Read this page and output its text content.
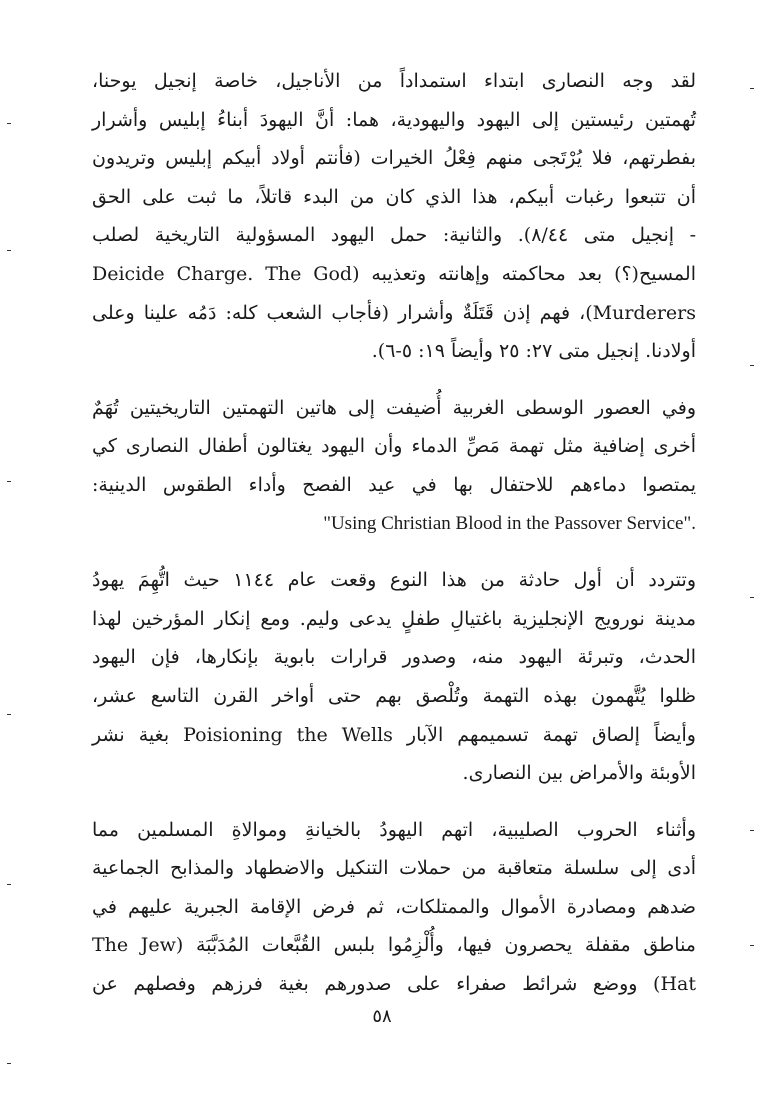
لقد وجه النصارى ابتداء استمداداً من الأناجيل، خاصة إنجيل يوحنا،
تُهمتين رئيستين إلى اليهود واليهودية، هما: أنَّ اليهودَ أبناءُ إبليس وأشرار
بفطرتهم، فلا يُرْتَجى منهم فِعْلُ الخيرات (فأنتم أولاد أبيكم إبليس وتريدون
أن تتبعوا رغبات أبيكم، هذا الذي كان من البدء قاتلاً، ما ثبت على الحق
- إنجيل متى ٨/٤٤). والثانية: حمل اليهود المسؤولية التاريخية لصلب
المسيح(؟) بعد محاكمته وإهانته وتعذيبه (Deicide Charge. The God
Murderers)، فهم إذن قَتَلَةٌ وأشرار (فأجاب الشعب كله: دَمُه علينا وعلى
أولادنا. إنجيل متى ٢٧: ٢٥ وأيضاً ١٩: ٥-٦).
وفي العصور الوسطى الغربية أُضيفت إلى هاتين التهمتين التاريخيتين تُهَمٌ
أخرى إضافية مثل تهمة مَصِّ الدماء وأن اليهود يغتالون أطفال النصارى كي
يمتصوا دماءهم للاحتفال بها في عيد الفصح وأداء الطقوس الدينية:
"Using Christian Blood in the Passover Service".
وتتردد أن أول حادثة من هذا النوع وقعت عام ١١٤٤ حيث اتُّهِمَ يهودُ
مدينة نورويج الإنجليزية باغتيالِ طفلٍ يدعى وليم. ومع إنكار المؤرخين لهذا
الحدث، وتبرئة اليهود منه، وصدور قرارات بابوية بإنكارها، فإن اليهود
ظلوا يُتَّهمون بهذه التهمة وتُلْصق بهم حتى أواخر القرن التاسع عشر،
وأيضاً إلصاق تهمة تسميمهم الآبار Poisioning the Wells بغية نشر
الأوبئة والأمراض بين النصارى.
وأثناء الحروب الصليبية، اتهم اليهودُ بالخيانةِ وموالاةِ المسلمين مما
أدى إلى سلسلة متعاقبة من حملات التنكيل والاضطهاد والمذابح الجماعية
ضدهم ومصادرة الأموال والممتلكات، ثم فرض الإقامة الجبرية عليهم في
مناطق مقفلة يحصرون فيها، وأُلْزِمُوا بلبس القُبَّعات المُدَبَّبَة (The Jew
Hat) ووضع شرائط صفراء على صدورهم بغية فرزهم وفصلهم عن
٥٨
